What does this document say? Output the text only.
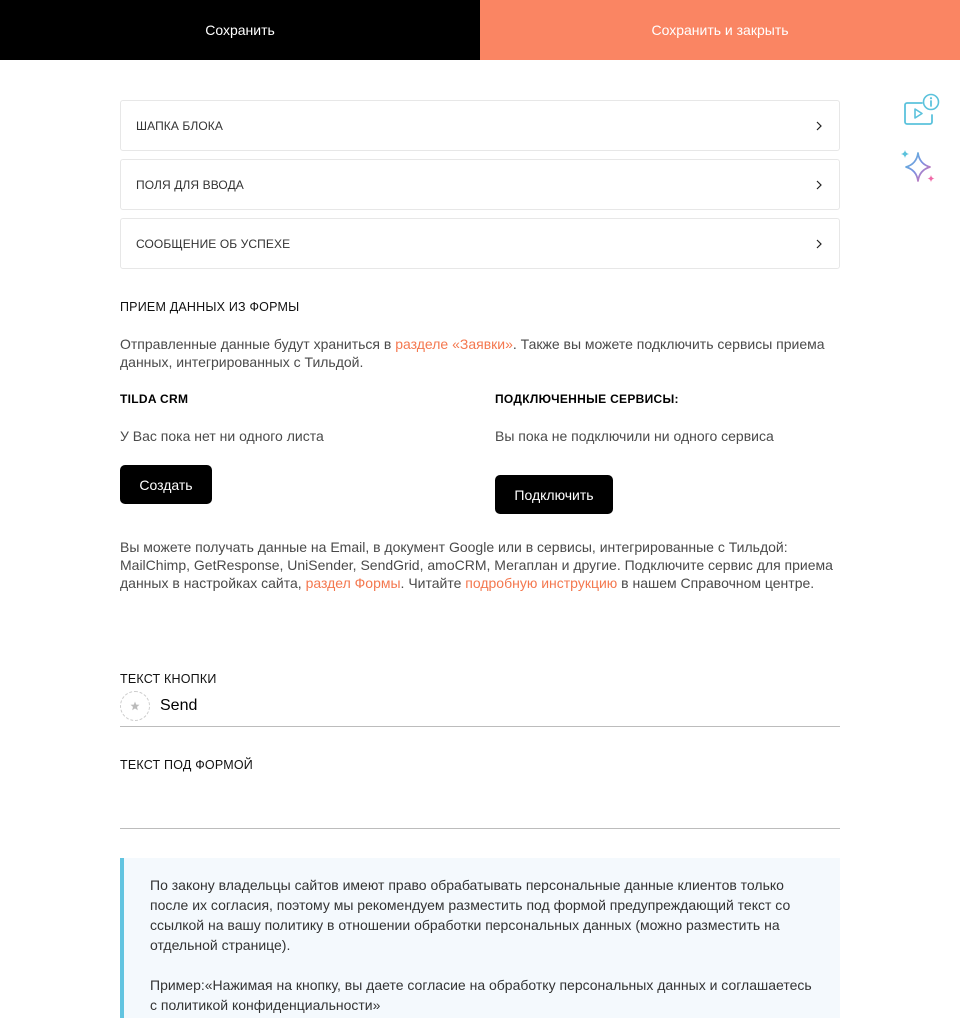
Сохранить	Сохранить и закрыть
ШАПКА БЛОКА
ПОЛЯ ДЛЯ ВВОДА
СООБЩЕНИЕ ОБ УСПЕХЕ
ПРИЕМ ДАННЫХ ИЗ ФОРМЫ
Отправленные данные будут храниться в разделе «Заявки». Также вы можете подключить сервисы приема данных, интегрированных с Тильдой.
TILDA CRM
У Вас пока нет ни одного листа
Создать
ПОДКЛЮЧЕННЫЕ СЕРВИСЫ:
Вы пока не подключили ни одного сервиса
Подключить
Вы можете получать данные на Email, в документ Google или в сервисы, интегрированные с Тильдой: MailChimp, GetResponse, UniSender, SendGrid, amoCRM, Мегаплан и другие. Подключите сервис для приема данных в настройках сайта, раздел Формы. Читайте подробную инструкцию в нашем Справочном центре.
ТЕКСТ КНОПКИ
Send
ТЕКСТ ПОД ФОРМОЙ

По закону владельцы сайтов имеют право обрабатывать персональные данные клиентов только после их согласия, поэтому мы рекомендуем разместить под формой предупреждающий текст со ссылкой на вашу политику в отношении обработки персональных данных (можно разместить на отдельной странице).

Пример:«Нажимая на кнопку, вы даете согласие на обработку персональных данных и соглашаетесь с политикой конфиденциальности»
